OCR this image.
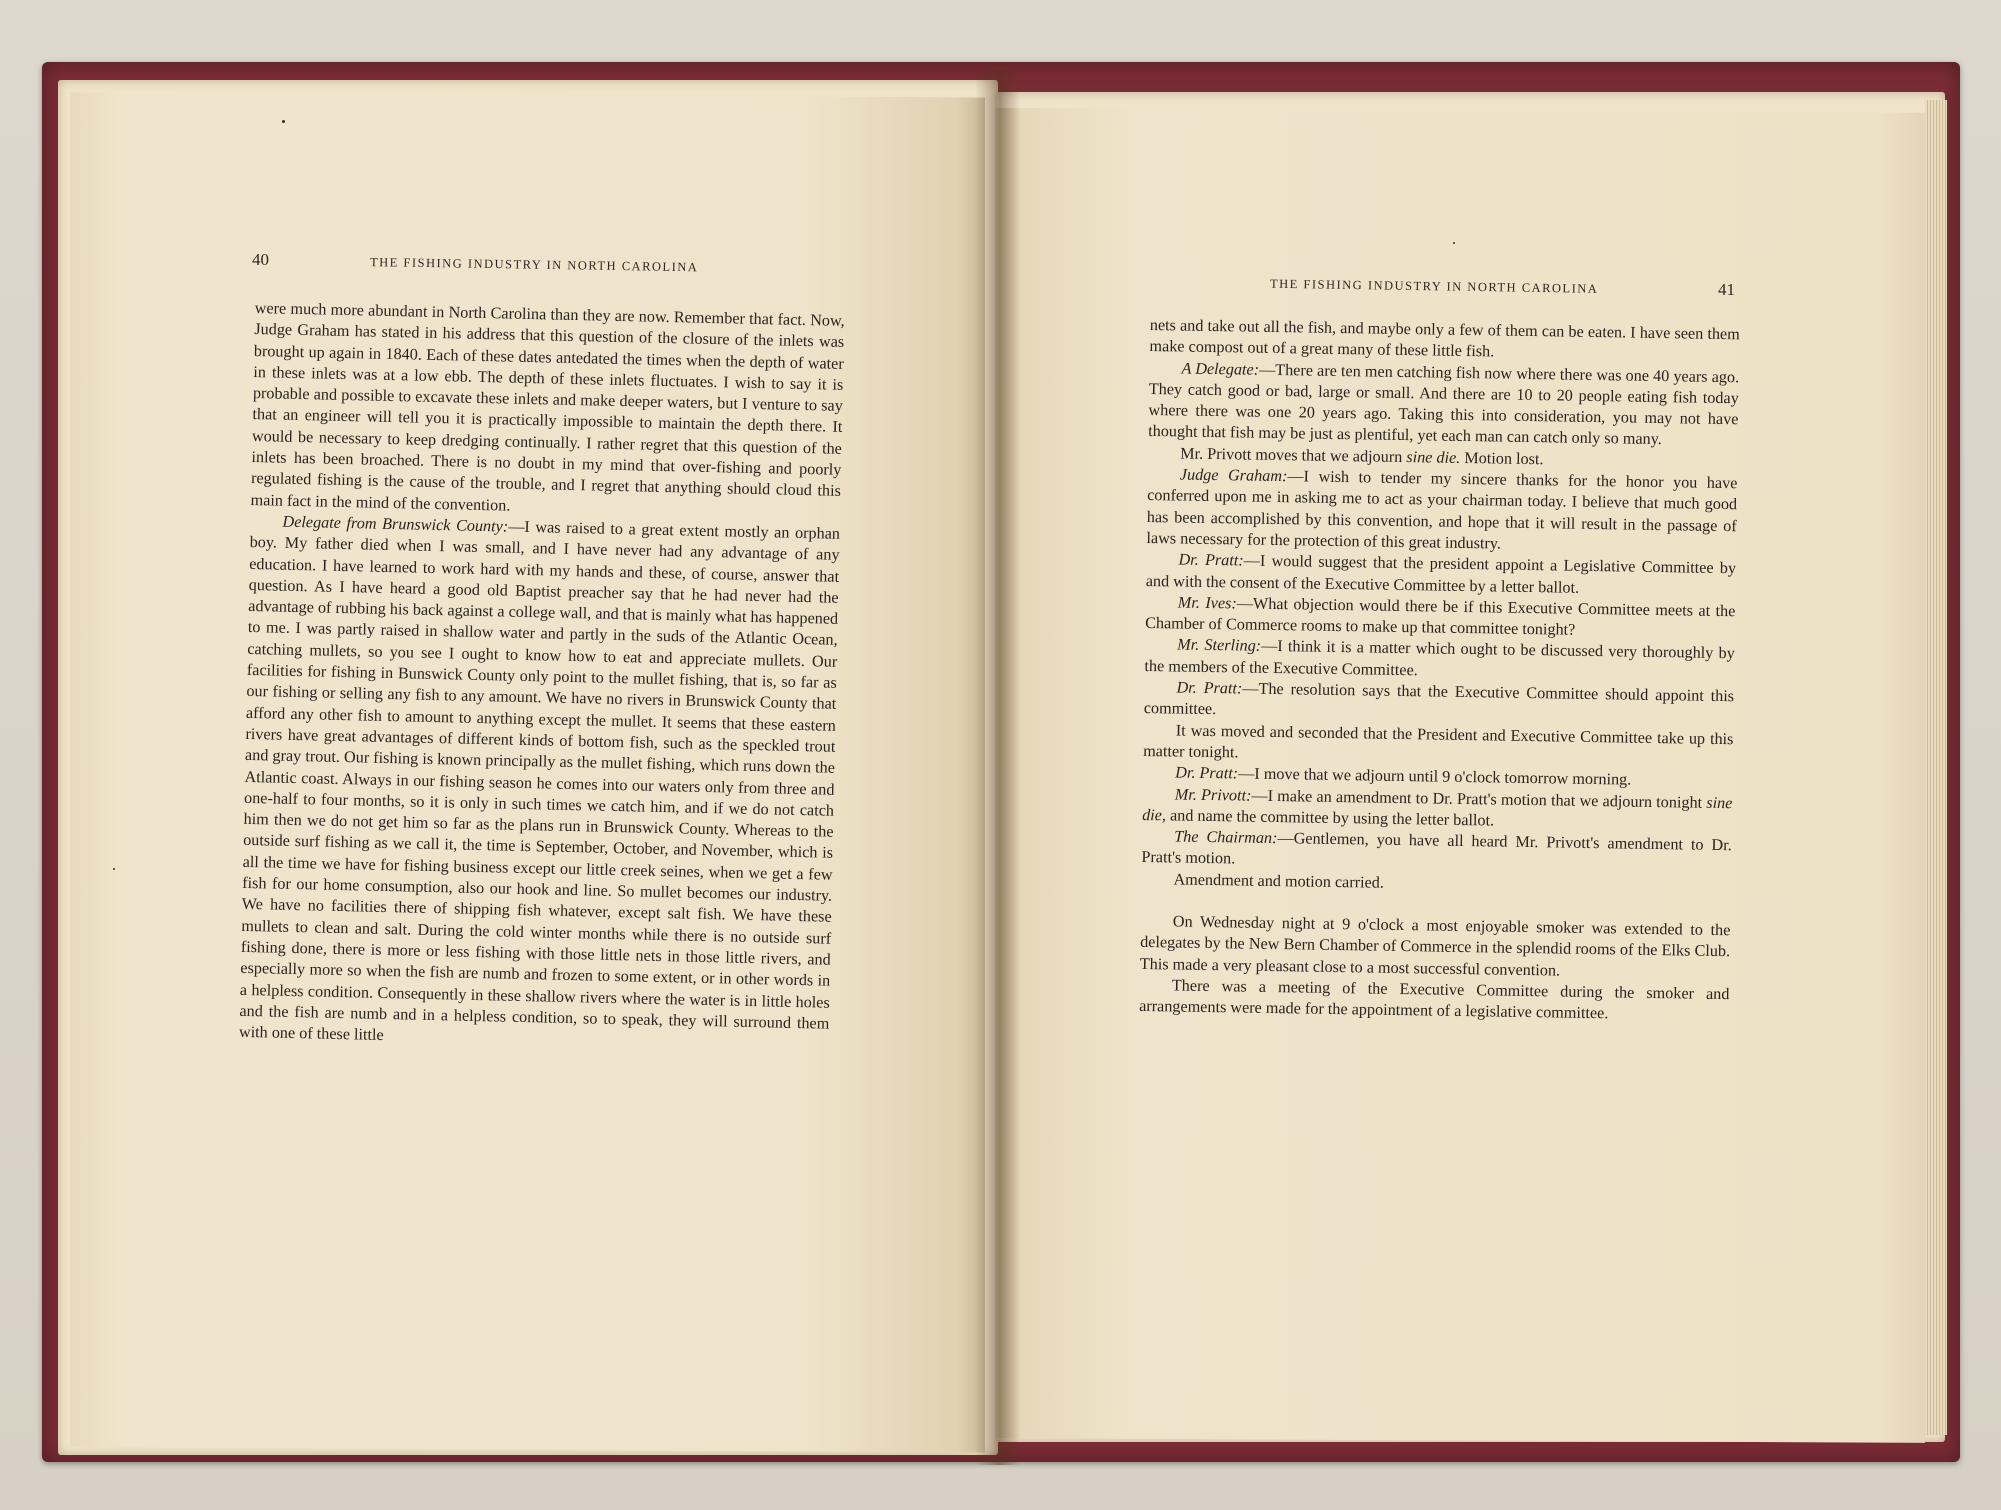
40	THE FISHING INDUSTRY IN NORTH CAROLINA
THE FISHING INDUSTRY IN NORTH CAROLINA	41

were much more abundant in North Carolina than they are now. Remember that fact. Now, Judge Graham has stated in his address that this question of the closure of the inlets was brought up again in 1840. Each of these dates antedated the times when the depth of water in these inlets was at a low ebb. The depth of these inlets fluctuates. I wish to say it is probable and possible to excavate these inlets and make deeper waters, but I venture to say that an engineer will tell you it is practically impossible to maintain the depth there. It would be necessary to keep dredging continually. I rather regret that this question of the inlets has been broached. There is no doubt in my mind that over-fishing and poorly regulated fishing is the cause of the trouble, and I regret that anything should cloud this main fact in the mind of the convention.

Delegate from Brunswick County:—I was raised to a great extent mostly an orphan boy. My father died when I was small, and I have never had any advantage of any education. I have learned to work hard with my hands and these, of course, answer that question. As I have heard a good old Baptist preacher say that he had never had the advantage of rubbing his back against a college wall, and that is mainly what has happened to me. I was partly raised in shallow water and partly in the suds of the Atlantic Ocean, catching mullets, so you see I ought to know how to eat and appreciate mullets. Our facilities for fishing in Bunswick County only point to the mullet fishing, that is, so far as our fishing or selling any fish to any amount. We have no rivers in Brunswick County that afford any other fish to amount to anything except the mullet. It seems that these eastern rivers have great advantages of different kinds of bottom fish, such as the speckled trout and gray trout. Our fishing is known principally as the mullet fishing, which runs down the Atlantic coast. Always in our fishing season he comes into our waters only from three and one-half to four months, so it is only in such times we catch him, and if we do not catch him then we do not get him so far as the plans run in Brunswick County. Whereas to the outside surf fishing as we call it, the time is September, October, and November, which is all the time we have for fishing business except our little creek seines, when we get a few fish for our home consumption, also our hook and line. So mullet becomes our industry. We have no facilities there of shipping fish whatever, except salt fish. We have these mullets to clean and salt. During the cold winter months while there is no outside surf fishing done, there is more or less fishing with those little nets in those little rivers, and especially more so when the fish are numb and frozen to some extent, or in other words in a helpless condition. Consequently in these shallow rivers where the water is in little holes and the fish are numb and in a helpless condition, so to speak, they will surround them with one of these little

nets and take out all the fish, and maybe only a few of them can be eaten. I have seen them make compost out of a great many of these little fish.

A Delegate:—There are ten men catching fish now where there was one 40 years ago. They catch good or bad, large or small. And there are 10 to 20 people eating fish today where there was one 20 years ago. Taking this into consideration, you may not have thought that fish may be just as plentiful, yet each man can catch only so many.

Mr. Privott moves that we adjourn sine die. Motion lost.

Judge Graham:—I wish to tender my sincere thanks for the honor you have conferred upon me in asking me to act as your chairman today. I believe that much good has been accomplished by this convention, and hope that it will result in the passage of laws necessary for the protection of this great industry.

Dr. Pratt:—I would suggest that the president appoint a Legislative Committee by and with the consent of the Executive Committee by a letter ballot.

Mr. Ives:—What objection would there be if this Executive Committee meets at the Chamber of Commerce rooms to make up that committee tonight?

Mr. Sterling:—I think it is a matter which ought to be discussed very thoroughly by the members of the Executive Committee.

Dr. Pratt:—The resolution says that the Executive Committee should appoint this committee.

It was moved and seconded that the President and Executive Committee take up this matter tonight.

Dr. Pratt:—I move that we adjourn until 9 o'clock tomorrow morning.

Mr. Privott:—I make an amendment to Dr. Pratt's motion that we adjourn tonight sine die, and name the committee by using the letter ballot.

The Chairman:—Gentlemen, you have all heard Mr. Privott's amendment to Dr. Pratt's motion.

Amendment and motion carried.

On Wednesday night at 9 o'clock a most enjoyable smoker was extended to the delegates by the New Bern Chamber of Commerce in the splendid rooms of the Elks Club. This made a very pleasant close to a most successful convention.

There was a meeting of the Executive Committee during the smoker and arrangements were made for the appointment of a legislative committee.
